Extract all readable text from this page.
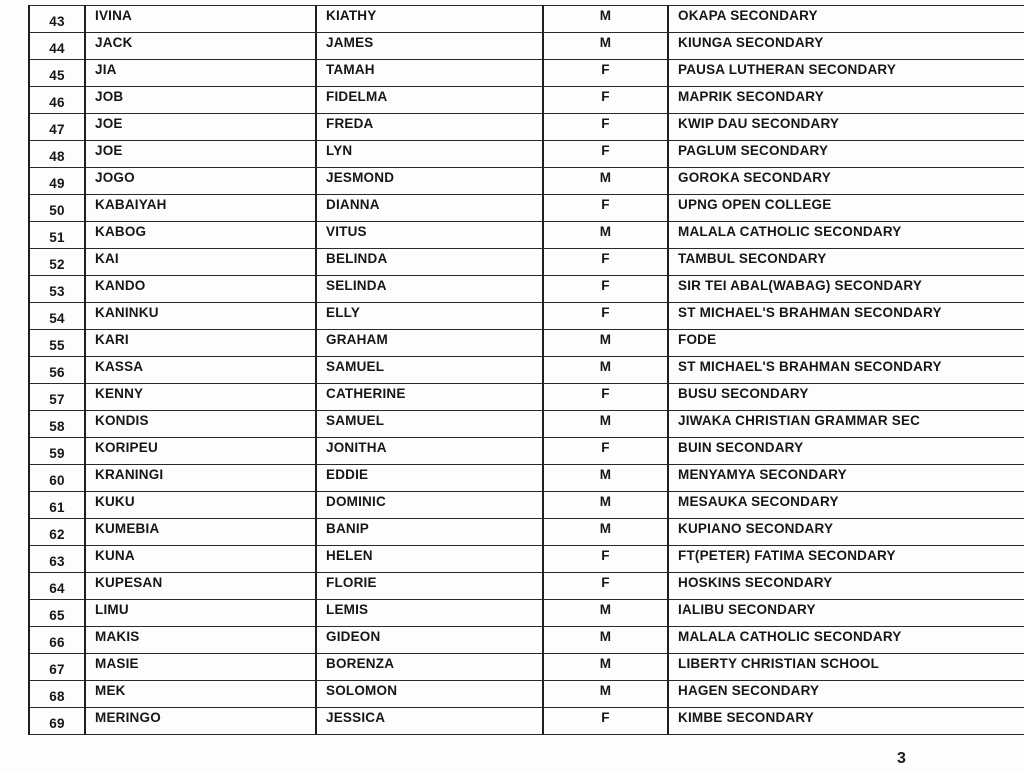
43	IVINA	KIATHY	M	OKAPA SECONDARY
44	JACK	JAMES	M	KIUNGA SECONDARY
45	JIA	TAMAH	F	PAUSA LUTHERAN SECONDARY
46	JOB	FIDELMA	F	MAPRIK SECONDARY
47	JOE	FREDA	F	KWIP DAU SECONDARY
48	JOE	LYN	F	PAGLUM SECONDARY
49	JOGO	JESMOND	M	GOROKA SECONDARY
50	KABAIYAH	DIANNA	F	UPNG OPEN COLLEGE
51	KABOG	VITUS	M	MALALA CATHOLIC SECONDARY
52	KAI	BELINDA	F	TAMBUL SECONDARY
53	KANDO	SELINDA	F	SIR TEI ABAL(WABAG) SECONDARY
54	KANINKU	ELLY	F	ST MICHAEL'S BRAHMAN SECONDARY
55	KARI	GRAHAM	M	FODE
56	KASSA	SAMUEL	M	ST MICHAEL'S BRAHMAN SECONDARY
57	KENNY	CATHERINE	F	BUSU SECONDARY
58	KONDIS	SAMUEL	M	JIWAKA CHRISTIAN GRAMMAR SEC
59	KORIPEU	JONITHA	F	BUIN SECONDARY
60	KRANINGI	EDDIE	M	MENYAMYA SECONDARY
61	KUKU	DOMINIC	M	MESAUKA SECONDARY
62	KUMEBIA	BANIP	M	KUPIANO SECONDARY
63	KUNA	HELEN	F	FT(PETER) FATIMA SECONDARY
64	KUPESAN	FLORIE	F	HOSKINS SECONDARY
65	LIMU	LEMIS	M	IALIBU SECONDARY
66	MAKIS	GIDEON	M	MALALA CATHOLIC SECONDARY
67	MASIE	BORENZA	M	LIBERTY CHRISTIAN SCHOOL
68	MEK	SOLOMON	M	HAGEN SECONDARY
69	MERINGO	JESSICA	F	KIMBE SECONDARY
3
